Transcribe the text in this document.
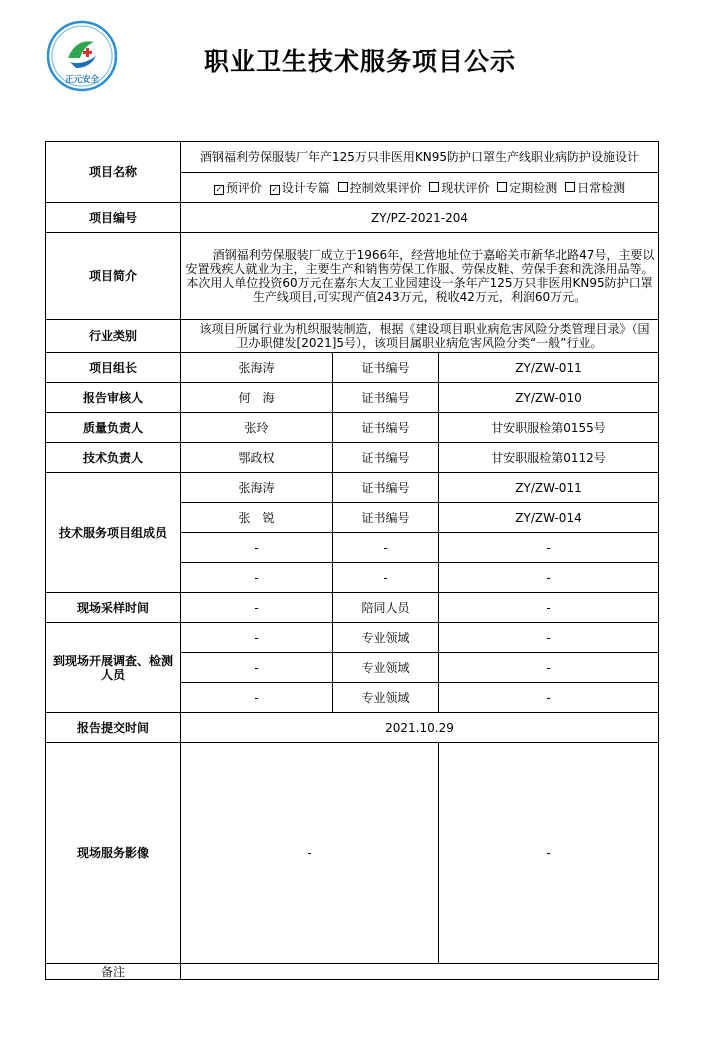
正元安全
职业卫生技术服务项目公示
项目名称	酒钢福利劳保服装厂年产125万只非医用KN95防护口罩生产线职业病防护设施设计		
	✓ 预评价 ✓ 设计专篇 控制效果评价 现状评价 定期检测 日常检测		
项目编号	ZY/PZ-2021-204		
项目简介	酒钢福利劳保服装厂成立于1966年，经营地址位于嘉峪关市新华北路47号，主要以安置残疾人就业为主，主要生产和销售劳保工作服、劳保皮鞋、劳保手套和洗涤用品等。本次用人单位投资60万元在嘉东大友工业园建设一条年产125万只非医用KN95防护口罩生产线项目,可实现产值243万元，税收42万元，利润60万元。		
行业类别	该项目所属行业为机织服装制造，根据《建设项目职业病危害风险分类管理目录》（国卫办职健发[2021]5号），该项目属职业病危害风险分类“一般”行业。		
项目组长	张海涛	证书编号	ZY/ZW-011
报告审核人	何　海	证书编号	ZY/ZW-010
质量负责人	张玲	证书编号	甘安职服检第0155号
技术负责人	鄂政权	证书编号	甘安职服检第0112号
技术服务项目组成员	张海涛	证书编号	ZY/ZW-011
	张　锐	证书编号	ZY/ZW-014
	-	-	-
	-	-	-
现场采样时间	-	陪同人员	-
到现场开展调查、检测人员	-	专业领域	-
	-	专业领域	-
	-	专业领域	-
报告提交时间	2021.10.29		
现场服务影像	-		-
备注			
